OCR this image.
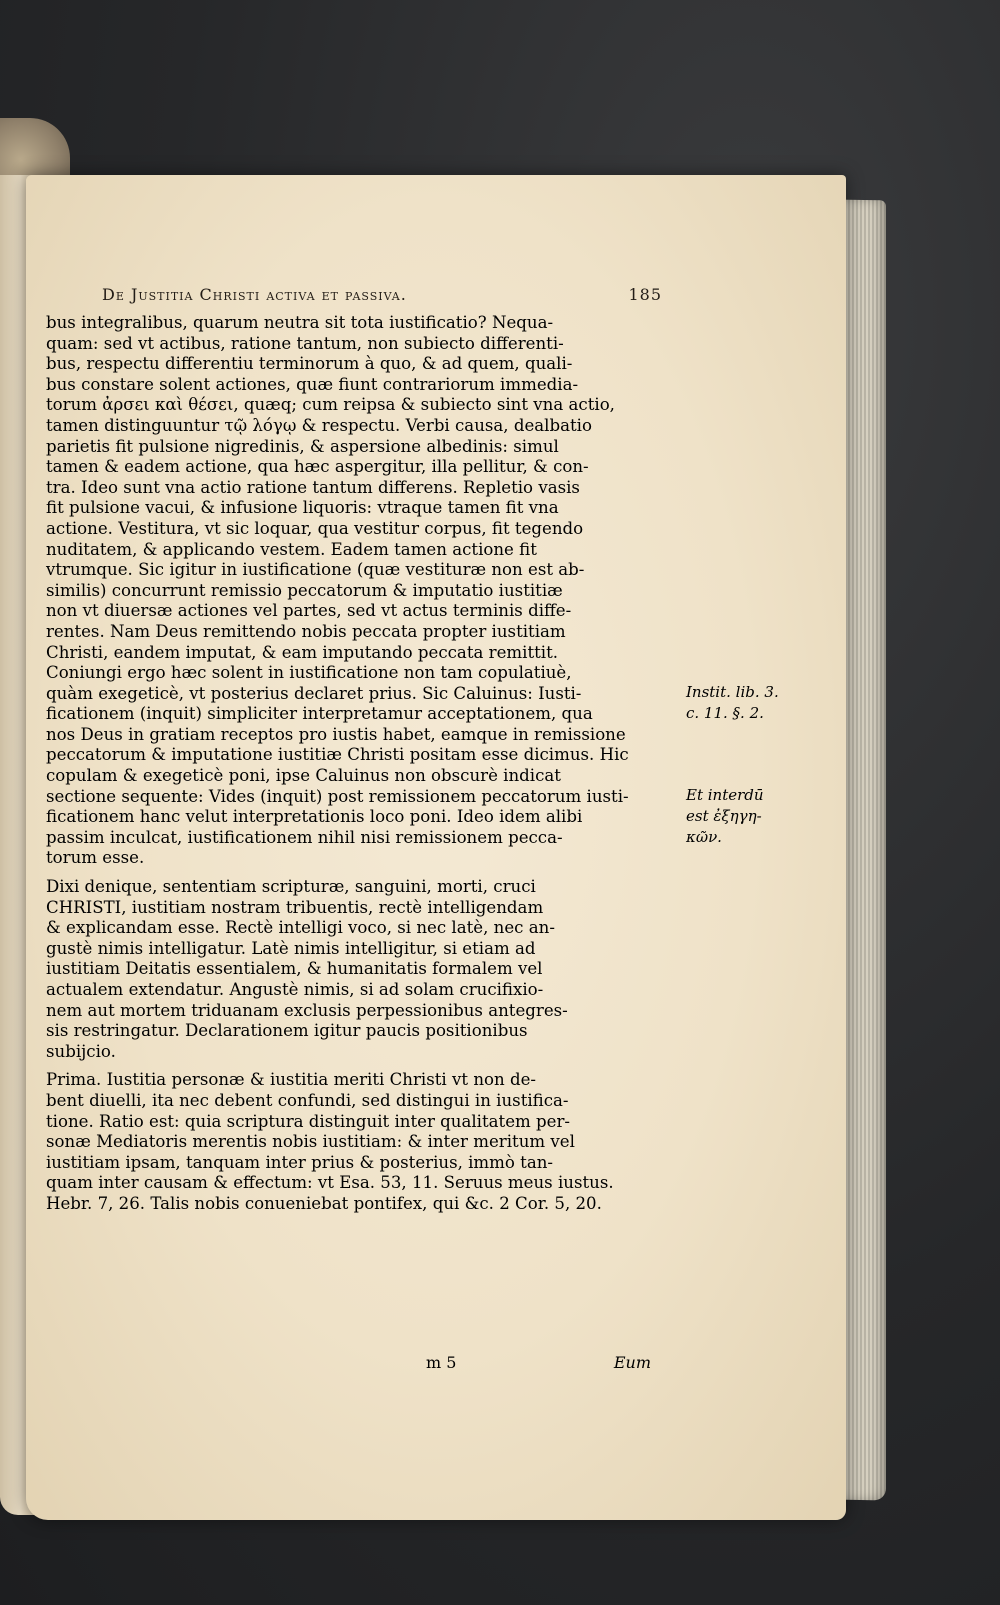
De Justitia Christi activa et passiva.	185
bus integralibus, quarum neutra sit tota iustificatio? Nequa-
quam: sed vt actibus, ratione tantum, non subiecto differenti-
bus, respectu differentiu terminorum à quo, & ad quem, quali-
bus constare solent actiones, quæ fiunt contrariorum immedia-
torum ἀρσει καὶ θέσει, quæq; cum reipsa & subiecto sint vna actio,
tamen distinguuntur τῷ λόγῳ & respectu. Verbi causa, dealbatio
parietis fit pulsione nigredinis, & aspersione albedinis: simul
tamen & eadem actione, qua hæc aspergitur, illa pellitur, & con-
tra. Ideo sunt vna actio ratione tantum differens. Repletio vasis
fit pulsione vacui, & infusione liquoris: vtraque tamen fit vna
actione. Vestitura, vt sic loquar, qua vestitur corpus, fit tegendo
nuditatem, & applicando vestem. Eadem tamen actione fit
vtrumque. Sic igitur in iustificatione (quæ vestituræ non est ab-
similis) concurrunt remissio peccatorum & imputatio iustitiæ
non vt diuersæ actiones vel partes, sed vt actus terminis diffe-
rentes. Nam Deus remittendo nobis peccata propter iustitiam
Christi, eandem imputat, & eam imputando peccata remittit.
Coniungi ergo hæc solent in iustificatione non tam copulatiuè,
quàm exegeticè, vt posterius declaret prius. Sic Caluinus: Iusti-
ficationem (inquit) simpliciter interpretamur acceptationem, qua
nos Deus in gratiam receptos pro iustis habet, eamque in remissione
peccatorum & imputatione iustitiæ Christi positam esse dicimus. Hic
copulam & exegeticè poni, ipse Caluinus non obscurè indicat
sectione sequente: Vides (inquit) post remissionem peccatorum iusti-
ficationem hanc velut interpretationis loco poni. Ideo idem alibi
passim inculcat, iustificationem nihil nisi remissionem pecca-
torum esse.
Dixi denique, sententiam scripturæ, sanguini, morti, cruci
CHRISTI, iustitiam nostram tribuentis, rectè intelligendam
& explicandam esse. Rectè intelligi voco, si nec latè, nec an-
gustè nimis intelligatur. Latè nimis intelligitur, si etiam ad
iustitiam Deitatis essentialem, & humanitatis formalem vel
actualem extendatur. Angustè nimis, si ad solam crucifixio-
nem aut mortem triduanam exclusis perpessionibus antegres-
sis restringatur. Declarationem igitur paucis positionibus
subijcio.
Prima. Iustitia personæ & iustitia meriti Christi vt non de-
bent diuelli, ita nec debent confundi, sed distingui in iustifica-
tione. Ratio est: quia scriptura distinguit inter qualitatem per-
sonæ Mediatoris merentis nobis iustitiam: & inter meritum vel
iustitiam ipsam, tanquam inter prius & posterius, immò tan-
quam inter causam & effectum: vt Esa. 53, 11. Seruus meus iustus.
Hebr. 7, 26. Talis nobis conueniebat pontifex, qui &c. 2 Cor. 5, 20.
Instit. lib. 3.
c. 11. §. 2.
Et interdū
est ἐξηγη-
κῶν.
m 5	Eum
